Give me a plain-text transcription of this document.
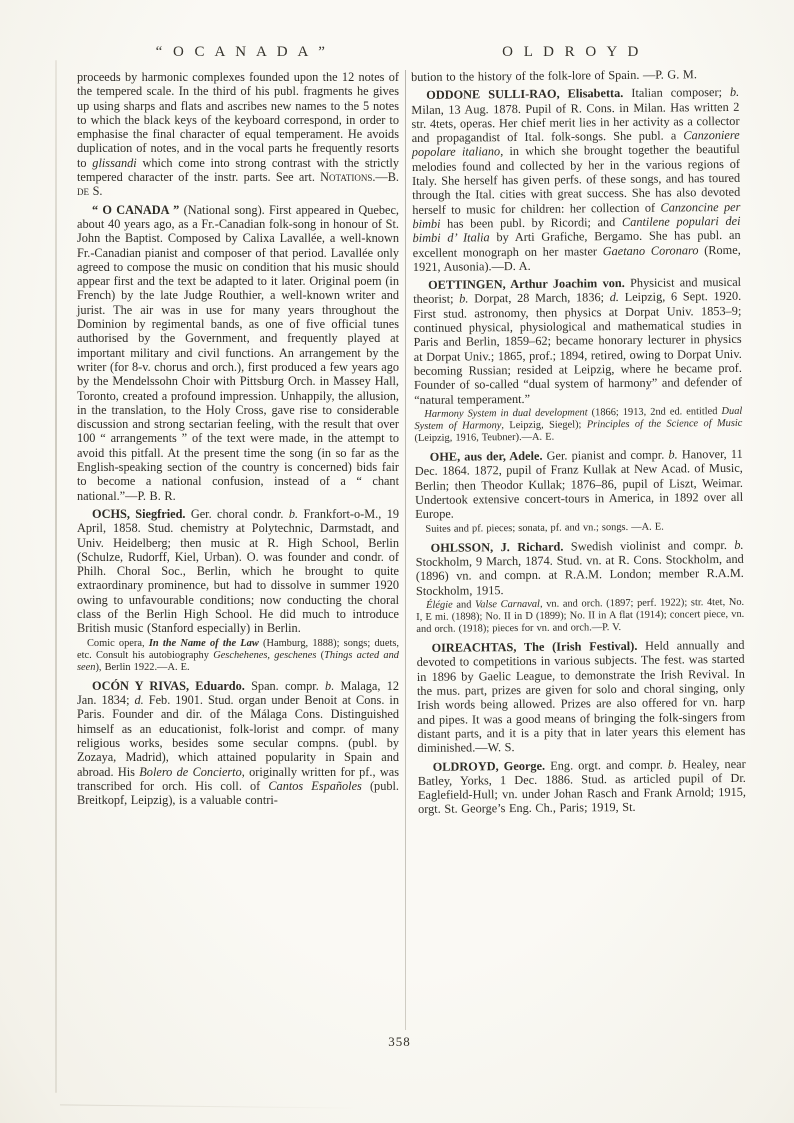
“ O C A N A D A ”	O L D R O Y D

proceeds by harmonic complexes founded upon the 12 notes of the tempered scale. In the third of his publ. fragments he gives up using sharps and flats and ascribes new names to the 5 notes to which the black keys of the keyboard correspond, in order to emphasise the final character of equal temperament. He avoids duplication of notes, and in the vocal parts he frequently resorts to glissandi which come into strong contrast with the strictly tempered character of the instr. parts. See art. Notations.—B. de S.

“ O CANADA ” (National song). First appeared in Quebec, about 40 years ago, as a Fr.-Canadian folk-song in honour of St. John the Baptist. Composed by Calixa Lavallée, a well-known Fr.-Canadian pianist and composer of that period. Lavallée only agreed to compose the music on condition that his music should appear first and the text be adapted to it later. Original poem (in French) by the late Judge Routhier, a well-known writer and jurist. The air was in use for many years throughout the Dominion by regimental bands, as one of five official tunes authorised by the Government, and frequently played at important military and civil functions. An arrangement by the writer (for 8-v. chorus and orch.), first produced a few years ago by the Mendelssohn Choir with Pittsburg Orch. in Massey Hall, Toronto, created a profound impression. Unhappily, the allusion, in the translation, to the Holy Cross, gave rise to considerable discussion and strong sectarian feeling, with the result that over 100 “ arrangements ” of the text were made, in the attempt to avoid this pitfall. At the present time the song (in so far as the English-speaking section of the country is concerned) bids fair to become a national confusion, instead of a “ chant national.”—P. B. R.

OCHS, Siegfried. Ger. choral condr. b. Frankfort-o-M., 19 April, 1858. Stud. chemistry at Polytechnic, Darmstadt, and Univ. Heidelberg; then music at R. High School, Berlin (Schulze, Rudorff, Kiel, Urban). O. was founder and condr. of Philh. Choral Soc., Berlin, which he brought to quite extraordinary prominence, but had to dissolve in summer 1920 owing to unfavourable conditions; now conducting the choral class of the Berlin High School. He did much to introduce British music (Stanford especially) in Berlin.

Comic opera, In the Name of the Law (Hamburg, 1888); songs; duets, etc. Consult his autobiography Geschehenes, geschenes (Things acted and seen), Berlin 1922.—A. E.

OCÓN Y RIVAS, Eduardo. Span. compr. b. Malaga, 12 Jan. 1834; d. Feb. 1901. Stud. organ under Benoit at Cons. in Paris. Founder and dir. of the Málaga Cons. Distinguished himself as an educationist, folk-lorist and compr. of many religious works, besides some secular compns. (publ. by Zozaya, Madrid), which attained popularity in Spain and abroad. His Bolero de Concierto, originally written for pf., was transcribed for orch. His coll. of Cantos Españoles (publ. Breitkopf, Leipzig), is a valuable contri-

bution to the history of the folk-lore of Spain. —P. G. M.

ODDONE SULLI-RAO, Elisabetta. Italian composer; b. Milan, 13 Aug. 1878. Pupil of R. Cons. in Milan. Has written 2 str. 4tets, operas. Her chief merit lies in her activity as a collector and propagandist of Ital. folk-songs. She publ. a Canzoniere popolare italiano, in which she brought together the beautiful melodies found and collected by her in the various regions of Italy. She herself has given perfs. of these songs, and has toured through the Ital. cities with great success. She has also devoted herself to music for children: her collection of Canzoncine per bimbi has been publ. by Ricordi; and Cantilene populari dei bimbi d’ Italia by Arti Grafiche, Bergamo. She has publ. an excellent monograph on her master Gaetano Coronaro (Rome, 1921, Ausonia).—D. A.

OETTINGEN, Arthur Joachim von. Physicist and musical theorist; b. Dorpat, 28 March, 1836; d. Leipzig, 6 Sept. 1920. First stud. astronomy, then physics at Dorpat Univ. 1853–9; continued physical, physiological and mathematical studies in Paris and Berlin, 1859–62; became honorary lecturer in physics at Dorpat Univ.; 1865, prof.; 1894, retired, owing to Dorpat Univ. becoming Russian; resided at Leipzig, where he became prof. Founder of so-called “dual system of harmony” and defender of “natural temperament.”

Harmony System in dual development (1866; 1913, 2nd ed. entitled Dual System of Harmony, Leipzig, Siegel); Principles of the Science of Music (Leipzig, 1916, Teubner).—A. E.

OHE, aus der, Adele. Ger. pianist and compr. b. Hanover, 11 Dec. 1864. 1872, pupil of Franz Kullak at New Acad. of Music, Berlin; then Theodor Kullak; 1876–86, pupil of Liszt, Weimar. Undertook extensive concert-tours in America, in 1892 over all Europe.

Suites and pf. pieces; sonata, pf. and vn.; songs. —A. E.

OHLSSON, J. Richard. Swedish violinist and compr. b. Stockholm, 9 March, 1874. Stud. vn. at R. Cons. Stockholm, and (1896) vn. and compn. at R.A.M. London; member R.A.M. Stockholm, 1915.

Élégie and Valse Carnaval, vn. and orch. (1897; perf. 1922); str. 4tet, No. I, E mi. (1898); No. II in D (1899); No. II in A flat (1914); concert piece, vn. and orch. (1918); pieces for vn. and orch.—P. V.

OIREACHTAS, The (Irish Festival). Held annually and devoted to competitions in various subjects. The fest. was started in 1896 by Gaelic League, to demonstrate the Irish Revival. In the mus. part, prizes are given for solo and choral singing, only Irish words being allowed. Prizes are also offered for vn. harp and pipes. It was a good means of bringing the folk-singers from distant parts, and it is a pity that in later years this element has diminished.—W. S.

OLDROYD, George. Eng. orgt. and compr. b. Healey, near Batley, Yorks, 1 Dec. 1886. Stud. as articled pupil of Dr. Eaglefield-Hull; vn. under Johan Rasch and Frank Arnold; 1915, orgt. St. George’s Eng. Ch., Paris; 1919, St.

358
